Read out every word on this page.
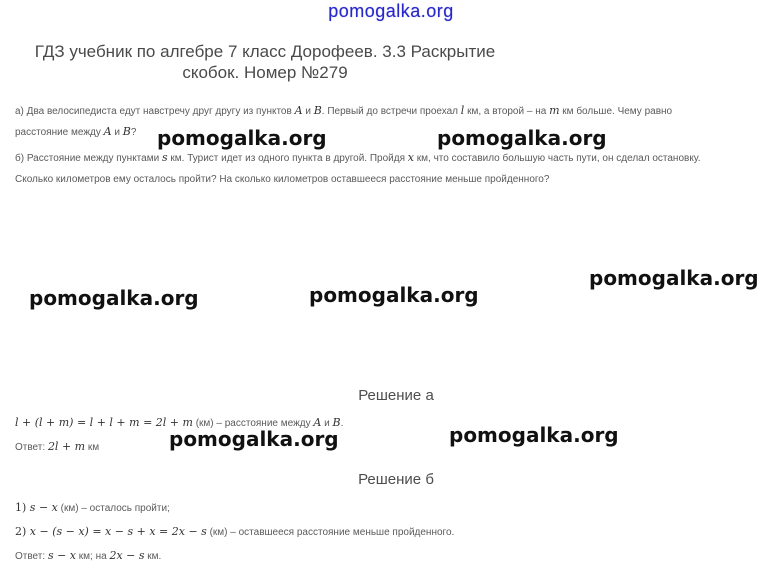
pomogalka.org
ГДЗ учебник по алгебре 7 класс Дорофеев. 3.3 Раскрытие
скобок. Номер №279
а) Два велосипедиста едут навстречу друг другу из пунктов A и B. Первый до встречи проехал l км, а второй – на m км больше. Чему равно
расстояние между A и B?
б) Расстояние между пунктами s км. Турист идет из одного пункта в другой. Пройдя x км, что составило большую часть пути, он сделал остановку.
Сколько километров ему осталось пройти? На сколько километров оставшееся расстояние меньше пройденного?
Решение а
l + (l + m) = l + l + m = 2l + m (км) – расстояние между A и B.
Ответ: 2l + m км
Решение б
1) s − x (км) – осталось пройти;
2) x − (s − x) = x − s + x = 2x − s (км) – оставшееся расстояние меньше пройденного.
Ответ: s − x км; на 2x − s км.
pomogalka.org	pomogalka.org
pomogalka.org
pomogalka.org	pomogalka.org
pomogalka.org	pomogalka.org
